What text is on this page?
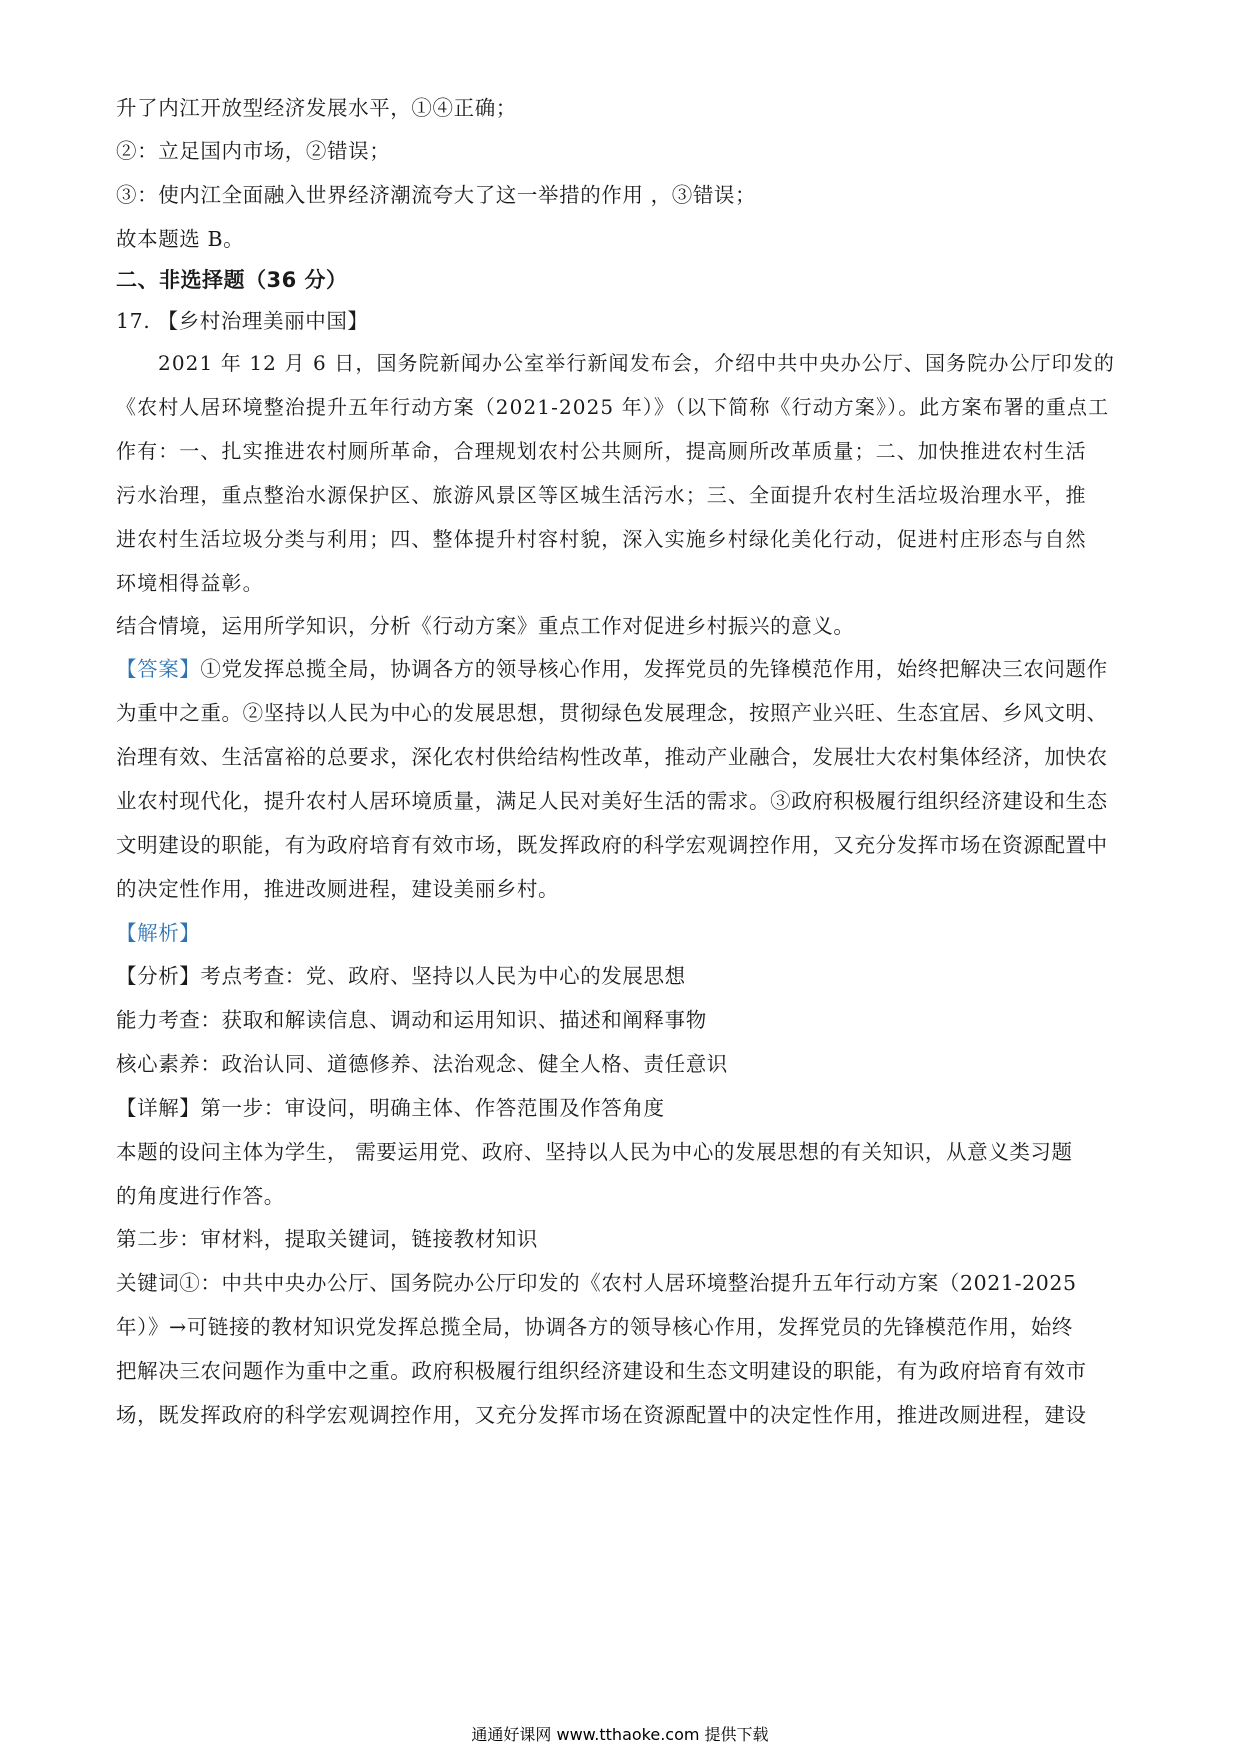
升了内江开放型经济发展水平，①④正确；
②：立足国内市场，②错误；
③：使内江全面融入世界经济潮流夸大了这一举措的作用 ，③错误；
故本题选 B。
二、非选择题（36 分）
17. 【乡村治理美丽中国】
2021 年 12 月 6 日，国务院新闻办公室举行新闻发布会，介绍中共中央办公厅、国务院办公厅印发的
《农村人居环境整治提升五年行动方案（2021-2025 年）》（以下简称《行动方案》）。此方案布署的重点工
作有：一、扎实推进农村厕所革命，合理规划农村公共厕所，提高厕所改革质量；二、加快推进农村生活
污水治理，重点整治水源保护区、旅游风景区等区城生活污水；三、全面提升农村生活垃圾治理水平，推
进农村生活垃圾分类与利用；四、整体提升村容村貌，深入实施乡村绿化美化行动，促进村庄形态与自然
环境相得益彰。
结合情境，运用所学知识，分析《行动方案》重点工作对促进乡村振兴的意义。
【答案】①党发挥总揽全局，协调各方的领导核心作用，发挥党员的先锋模范作用，始终把解决三农问题作
为重中之重。②坚持以人民为中心的发展思想，贯彻绿色发展理念，按照产业兴旺、生态宜居、乡风文明、
治理有效、生活富裕的总要求，深化农村供给结构性改革，推动产业融合，发展壮大农村集体经济，加快农
业农村现代化，提升农村人居环境质量，满足人民对美好生活的需求。③政府积极履行组织经济建设和生态
文明建设的职能，有为政府培育有效市场，既发挥政府的科学宏观调控作用，又充分发挥市场在资源配置中
的决定性作用，推进改厕进程，建设美丽乡村。
【解析】
【分析】考点考查：党、政府、坚持以人民为中心的发展思想
能力考查：获取和解读信息、调动和运用知识、描述和阐释事物
核心素养：政治认同、道德修养、法治观念、健全人格、责任意识
【详解】第一步：审设问，明确主体、作答范围及作答角度
本题的设问主体为学生， 需要运用党、政府、坚持以人民为中心的发展思想的有关知识，从意义类习题
的角度进行作答。
第二步：审材料，提取关键词，链接教材知识
关键词①：中共中央办公厅、国务院办公厅印发的《农村人居环境整治提升五年行动方案（2021-2025
年）》→可链接的教材知识党发挥总揽全局，协调各方的领导核心作用，发挥党员的先锋模范作用，始终
把解决三农问题作为重中之重。政府积极履行组织经济建设和生态文明建设的职能，有为政府培育有效市
场，既发挥政府的科学宏观调控作用，又充分发挥市场在资源配置中的决定性作用，推进改厕进程，建设
通通好课网 www.tthaoke.com 提供下载
